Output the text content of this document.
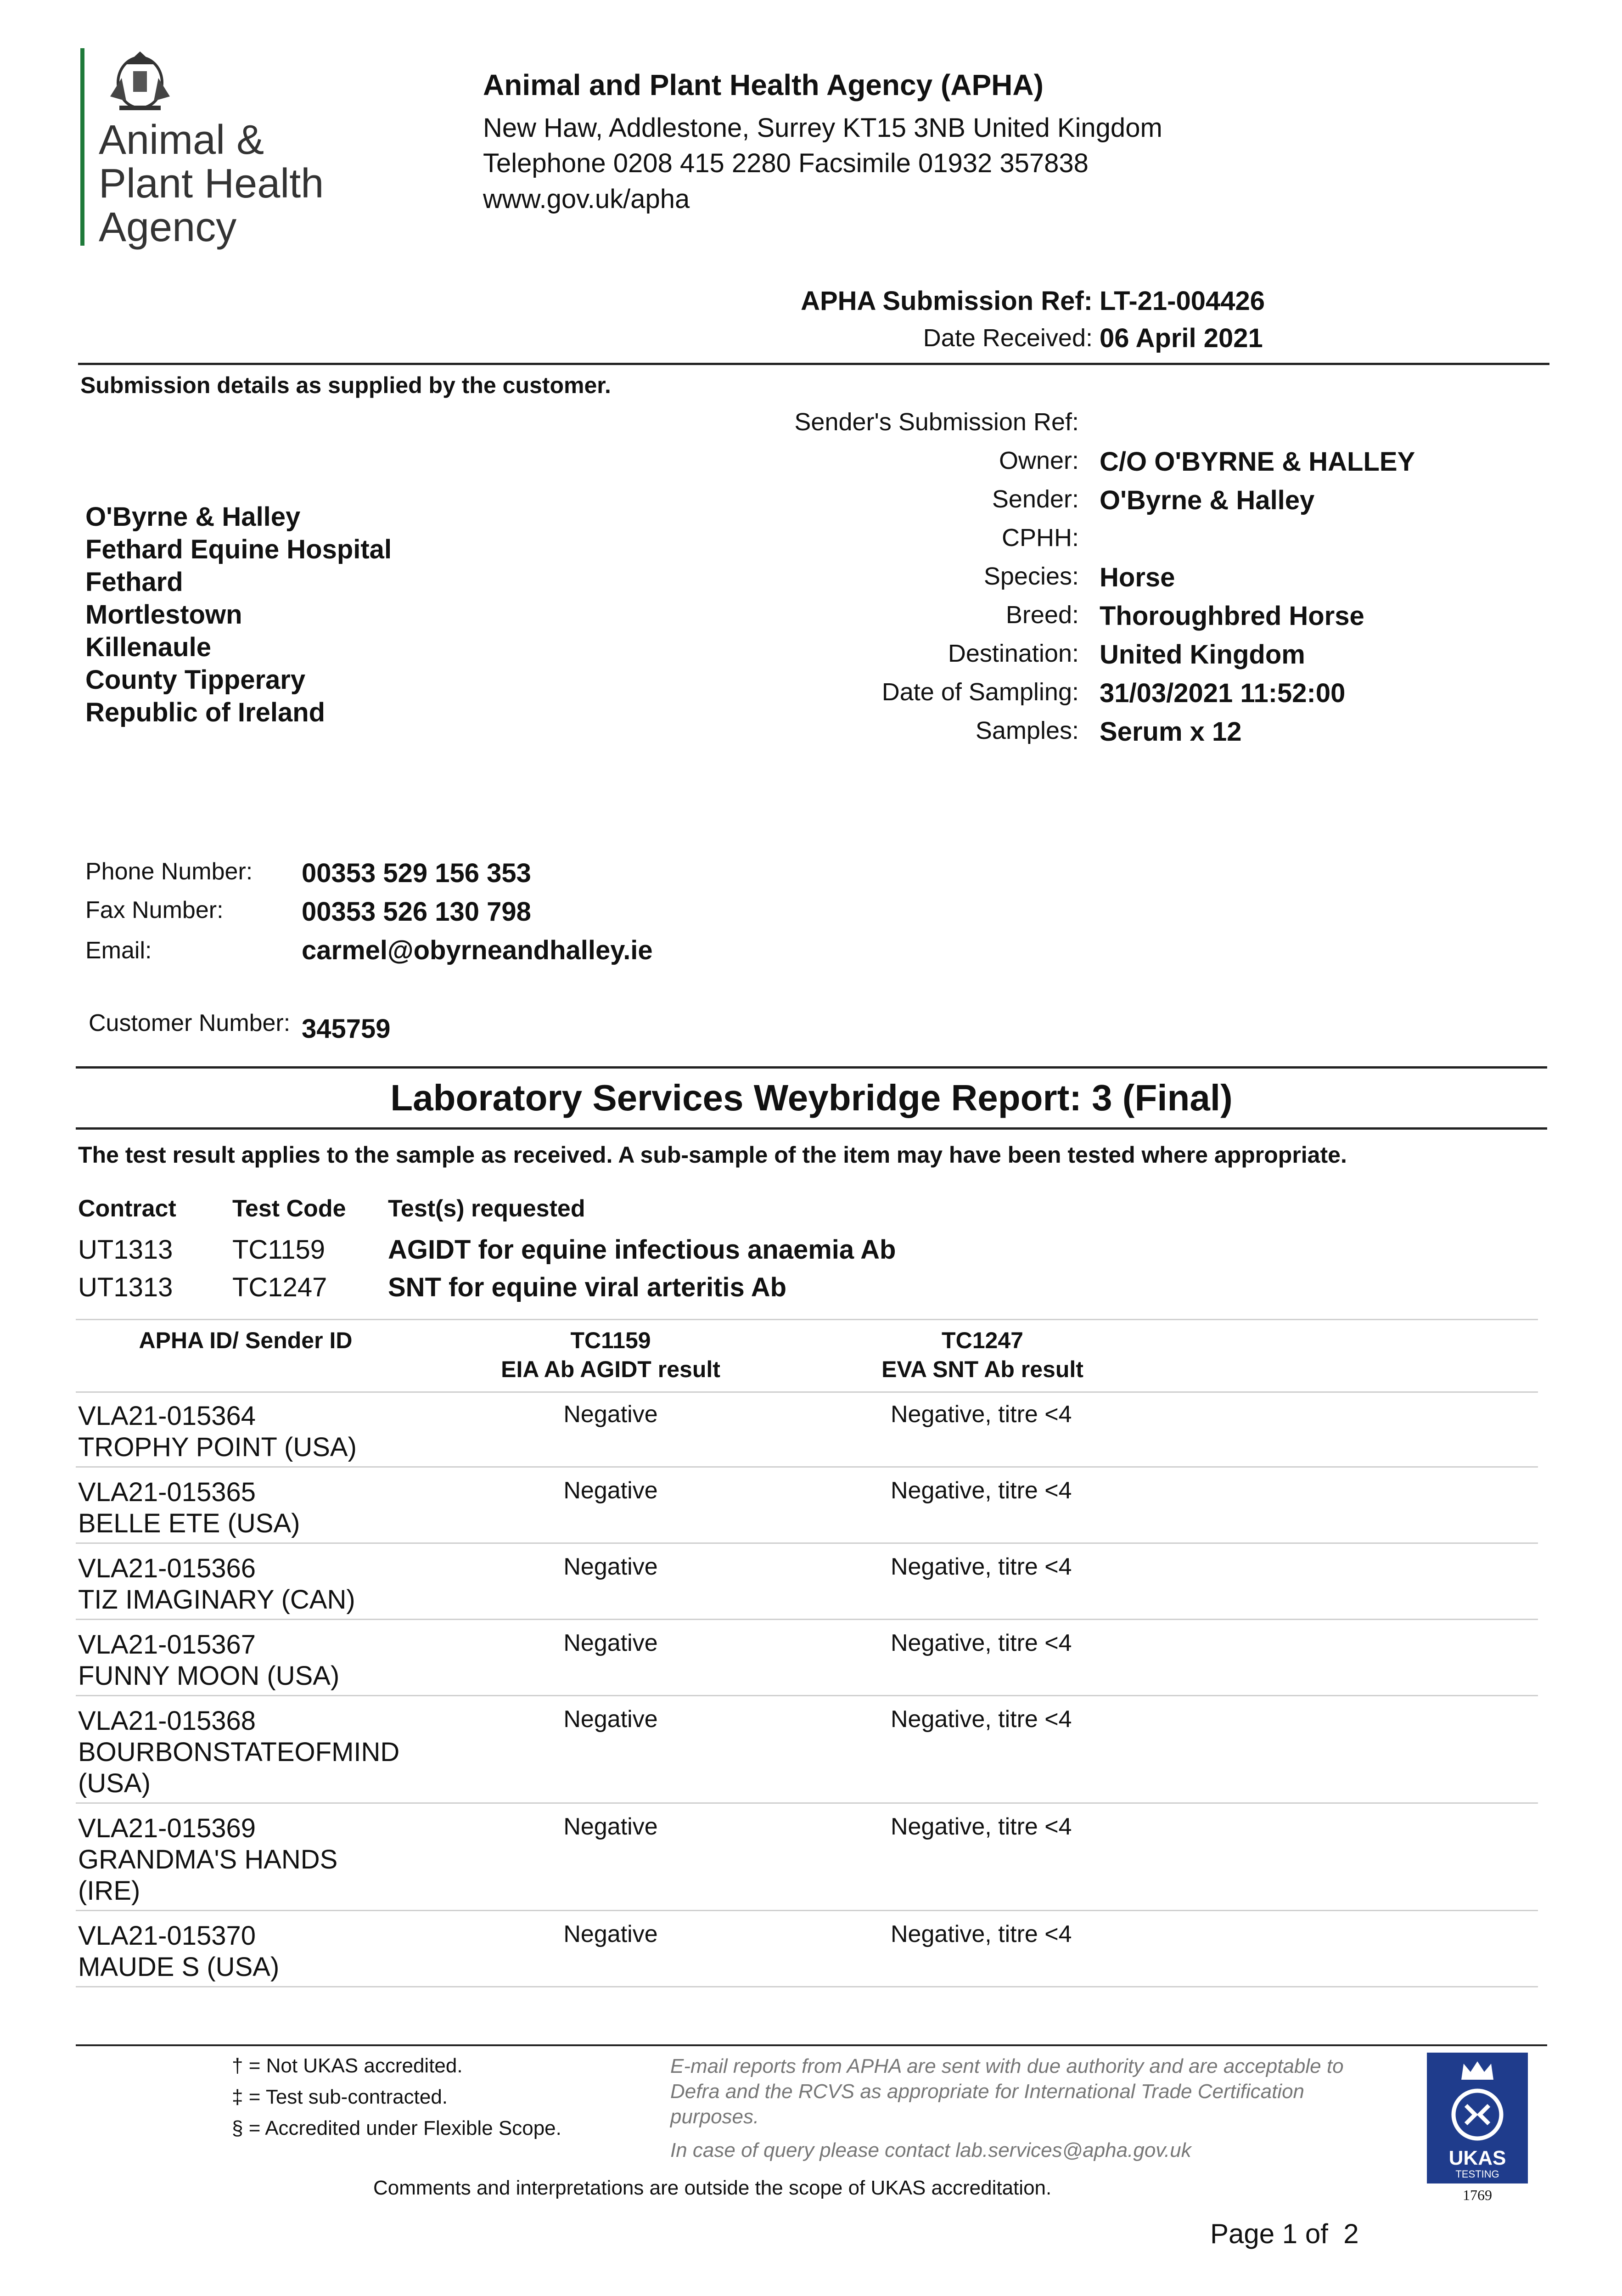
Animal &
Plant Health
Agency
Animal and Plant Health Agency (APHA)
New Haw, Addlestone, Surrey KT15 3NB United Kingdom
Telephone 0208 415 2280 Facsimile 01932 357838
www.gov.uk/apha
APHA Submission Ref: LT-21-004426
Date Received: 06 April 2021
Submission details as supplied by the customer.
O'Byrne & Halley
Fethard Equine Hospital
Fethard
Mortlestown
Killenaule
County Tipperary
Republic of Ireland
Sender's Submission Ref:
Owner: C/O O'BYRNE & HALLEY
Sender: O'Byrne & Halley
CPHH:
Species: Horse
Breed: Thoroughbred Horse
Destination: United Kingdom
Date of Sampling: 31/03/2021 11:52:00
Samples: Serum x 12
Phone Number: 00353 529 156 353
Fax Number:	00353 526 130 798
Email:	carmel@obyrneandhalley.ie
Customer Number: 345759
Laboratory Services Weybridge Report: 3 (Final)
The test result applies to the sample as received. A sub-sample of the item may have been tested where appropriate.
Contract Test Code Test(s) requested
UT1313 TC1159 AGIDT for equine infectious anaemia Ab
UT1313 TC1247 SNT for equine viral arteritis Ab
APHA ID/ Sender ID	TC1159
EIA Ab AGIDT result
TC1247
EVA SNT Ab result
VLA21-015364
TROPHY POINT (USA)
Negative	Negative, titre <4
VLA21-015365
BELLE ETE (USA)
Negative	Negative, titre <4
VLA21-015366
TIZ IMAGINARY (CAN)
Negative	Negative, titre <4
VLA21-015367
FUNNY MOON (USA)
Negative	Negative, titre <4
VLA21-015368
BOURBONSTATEOFMIND
(USA)
Negative	Negative, titre <4
VLA21-015369
GRANDMA'S HANDS
(IRE)
Negative	Negative, titre <4
VLA21-015370
MAUDE S (USA)
Negative	Negative, titre <4
† = Not UKAS accredited.
‡ = Test sub-contracted.
§ = Accredited under Flexible Scope.
E-mail reports from APHA are sent with due authority and are acceptable to Defra and the RCVS as appropriate for International Trade Certification purposes.
In case of query please contact lab.services@apha.gov.uk
Comments and interpretations are outside the scope of UKAS accreditation.
UKAS
TESTING
1769
Page 1 of  2
